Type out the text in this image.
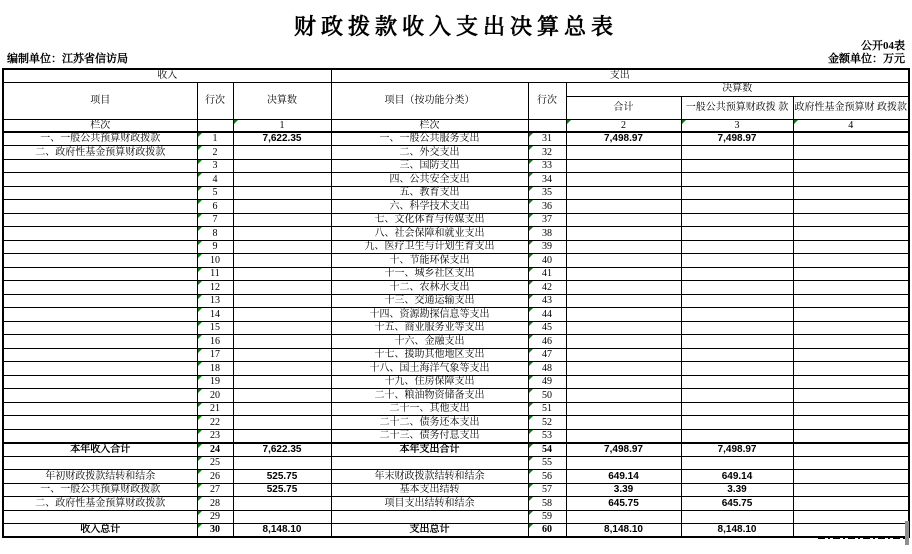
财政拨款收入支出决算总表
公开04表
编制单位：江苏省信访局	金额单位：万元
收入			支出				
项目	行次	决算数	项目（按功能分类）	行次	决算数		
					合计	一般公共预算财政拨 款	政府性基金预算财 政拨款
栏次		1	栏次		2	3	4
一、一般公共预算财政拨款	1	7,622.35	一、一般公共服务支出	31	7,498.97	7,498.97	
二、政府性基金预算财政拨款	2		二、外交支出	32			
	3		三、国防支出	33			
	4		四、公共安全支出	34			
	5		五、教育支出	35			
	6		六、科学技术支出	36			
	7		七、文化体育与传媒支出	37			
	8		八、社会保障和就业支出	38			
	9		九、医疗卫生与计划生育支出	39			
	10		十、节能环保支出	40			
	11		十一、城乡社区支出	41			
	12		十二、农林水支出	42			
	13		十三、交通运输支出	43			
	14		十四、资源勘探信息等支出	44			
	15		十五、商业服务业等支出	45			
	16		十六、金融支出	46			
	17		十七、援助其他地区支出	47			
	18		十八、国土海洋气象等支出	48			
	19		十九、住房保障支出	49			
	20		二十、粮油物资储备支出	50			
	21		二十一、其他支出	51			
	22		二十二、债务还本支出	52			
	23		二十三、债务付息支出	53			
本年收入合计	24	7,622.35	本年支出合计	54	7,498.97	7,498.97	
	25			55			
年初财政拨款结转和结余	26	525.75	年末财政拨款结转和结余	56	649.14	649.14	
一、一般公共预算财政拨款	27	525.75	基本支出结转	57	3.39	3.39	
二、政府性基金预算财政拨款	28		项目支出结转和结余	58	645.75	645.75	
	29			59			
收入总计	30	8,148.10	支出总计	60	8,148.10	8,148.10	
